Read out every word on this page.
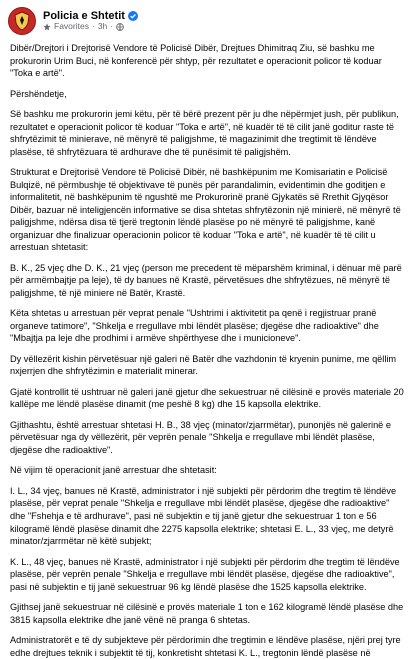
Policia e Shtetit
Favorites · 3h ·

Dibër/Drejtori i Drejtorisë Vendore të Policisë Dibër, Drejtues Dhimitraq Ziu, së bashku me prokurorin Urim Buci, në konferencë për shtyp, për rezultatet e operacionit policor të koduar "Toka e artë".

Përshëndetje,

Së bashku me prokurorin jemi këtu, për të bërë prezent për ju dhe nëpërmjet jush, për publikun, rezultatet e operacionit policor të koduar "Toka e artë", në kuadër të të cilit janë goditur raste të shfrytëzimit të minierave, në mënyrë të paligjshme, të magazinimit dhe tregtimit të lëndëve plasëse, të shfrytëzuara të ardhurave dhe të punësimit të paligjshëm.

Strukturat e Drejtorisë Vendore të Policisë Dibër, në bashkëpunim me Komisariatin e Policisë Bulqizë, në përmbushje të objektivave të punës për parandalimin, evidentimin dhe goditjen e informalitetit, në bashkëpunim të ngushtë me Prokurorinë pranë Gjykatës së Rrethit Gjyqësor Dibër, bazuar në inteligjencën informative se disa shtetas shfrytëzonin një minierë, në mënyrë të paligjshme, ndërsa disa të tjerë tregtonin lëndë plasëse po në mënyrë të paligjshme, kanë organizuar dhe finalizuar operacionin policor të koduar "Toka e artë", në kuadër të të cilit u arrestuan shtetasit:

B. K., 25 vjeç dhe D. K., 21 vjeç (person me precedent të mëparshëm kriminal, i dënuar më parë për armëmbajtje pa leje), të dy banues në Krastë, përvetësues dhe shfrytëzues, në mënyrë të paligjshme, të një miniere në Batër, Krastë.

Këta shtetas u arrestuan për veprat penale "Ushtrimi i aktivitetit pa qenë i regjistruar pranë organeve tatimore", "Shkelja e rregullave mbi lëndët plasëse; djegëse dhe radioaktive" dhe "Mbajtja pa leje dhe prodhimi i armëve shpërthyese dhe i municioneve".

Dy vëllezërit kishin përvetësuar një galeri në Batër dhe vazhdonin të kryenin punime, me qëllim nxjerrjen dhe shfrytëzimin e materialit minerar.

Gjatë kontrollit të ushtruar në galeri janë gjetur dhe sekuestruar në cilësinë e provës materiale 20 kallëpe me lëndë plasëse dinamit (me peshë 8 kg) dhe 15 kapsolla elektrike.

Gjithashtu, është arrestuar shtetasi H. B., 38 vjeç (minator/zjarrmëtar), punonjës në galerinë e përvetësuar nga dy vëllezërit, për veprën penale "Shkelja e rregullave mbi lëndët plasëse, djegëse dhe radioaktive".

Në vijim të operacionit janë arrestuar dhe shtetasit:

I. L., 34 vjeç, banues në Krastë, administrator i një subjekti për përdorim dhe tregtim të lëndëve plasëse, për veprat penale "Shkelja e rregullave mbi lëndët plasëse, djegëse dhe radioaktive" dhe "Fshehja e të ardhurave", pasi në subjektin e tij janë gjetur dhe sekuestruar 1 ton e 56 kilogramë lëndë plasëse dinamit dhe 2275 kapsolla elektrike; shtetasi E. L., 33 vjeç, me detyrë minator/zjarrmëtar në këtë subjekt;

K. L., 48 vjeç, banues në Krastë, administrator i një subjekti për përdorim dhe tregtim të lëndëve plasëse, për veprën penale "Shkelja e rregullave mbi lëndët plasëse, djegëse dhe radioaktive", pasi në subjektin e tij janë sekuestruar 96 kg lëndë plasëse dhe 1525 kapsolla elektrike.

Gjithsej janë sekuestruar në cilësinë e provës materiale 1 ton e 162 kilogramë lëndë plasëse dhe 3815 kapsolla elektrike dhe janë vënë në pranga 6 shtetas.

Administratorët e të dy subjekteve për përdorimin dhe tregtimin e lëndëve plasëse, njëri prej tyre edhe drejtues teknik i subjektit të tij, konkretisht shtetasi K. L., tregtonin lëndë plasëse në
